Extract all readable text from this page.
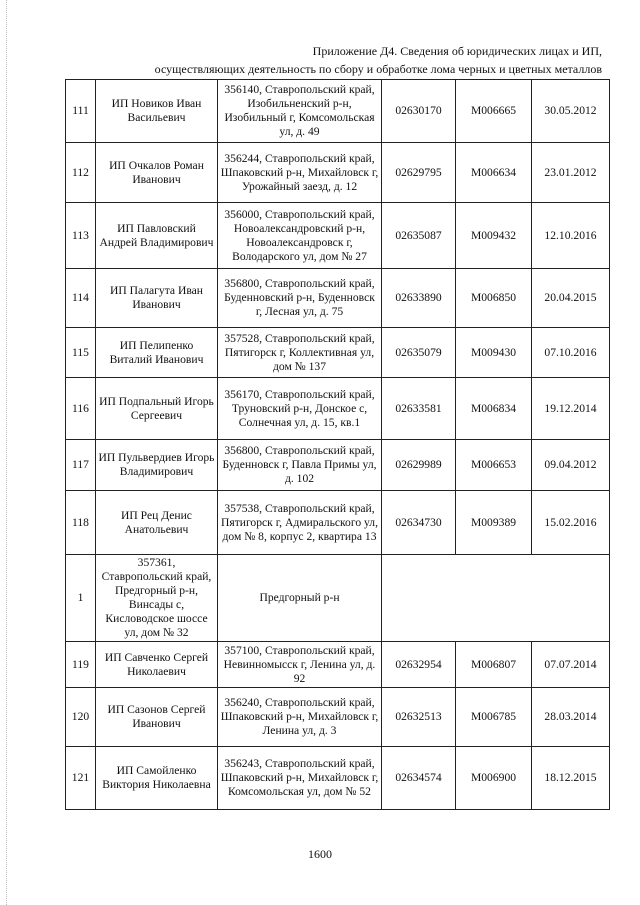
Приложение Д4. Сведения об юридических лицах и ИП,
осуществляющих деятельность по сбору и обработке лома черных и цветных металлов
111	ИП Новиков Иван Васильевич	356140, Ставропольский край, Изобильненский р-н, Изобильный г, Комсомольская ул, д. 49	02630170	М006665	30.05.2012
112	ИП Очкалов Роман Иванович	356244, Ставропольский край, Шпаковский р-н, Михайловск г, Урожайный заезд, д. 12	02629795	М006634	23.01.2012
113	ИП Павловский Андрей Владимирович	356000, Ставропольский край, Новоалександровский р-н, Новоалександровск г, Володарского ул, дом № 27	02635087	М009432	12.10.2016
114	ИП Палагута Иван Иванович	356800, Ставропольский край, Буденновский р-н, Буденновск г, Лесная ул, д. 75	02633890	М006850	20.04.2015
115	ИП Пелипенко Виталий Иванович	357528, Ставропольский край, Пятигорск г, Коллективная ул, дом № 137	02635079	М009430	07.10.2016
116	ИП Подпальный Игорь Сергеевич	356170, Ставропольский край, Труновский р-н, Донское с, Солнечная ул, д. 15, кв.1	02633581	М006834	19.12.2014
117	ИП Пульвердиев Игорь Владимирович	356800, Ставропольский край, Буденновск г, Павла Примы ул, д. 102	02629989	М006653	09.04.2012
118	ИП Рец Денис Анатольевич	357538, Ставропольский край, Пятигорск г, Адмиральского ул, дом № 8, корпус 2, квартира 13	02634730	М009389	15.02.2016
1	357361, Ставропольский край, Предгорный р-н, Винсады с, Кисловодское шоссе ул, дом № 32	Предгорный р-н			
119	ИП Савченко Сергей Николаевич	357100, Ставропольский край, Невинномысск г, Ленина ул, д. 92	02632954	М006807	07.07.2014
120	ИП Сазонов Сергей Иванович	356240, Ставропольский край, Шпаковский р-н, Михайловск г, Ленина ул, д. 3	02632513	М006785	28.03.2014
121	ИП Самойленко Виктория Николаевна	356243, Ставропольский край, Шпаковский р-н, Михайловск г, Комсомольская ул, дом № 52	02634574	М006900	18.12.2015
1600
